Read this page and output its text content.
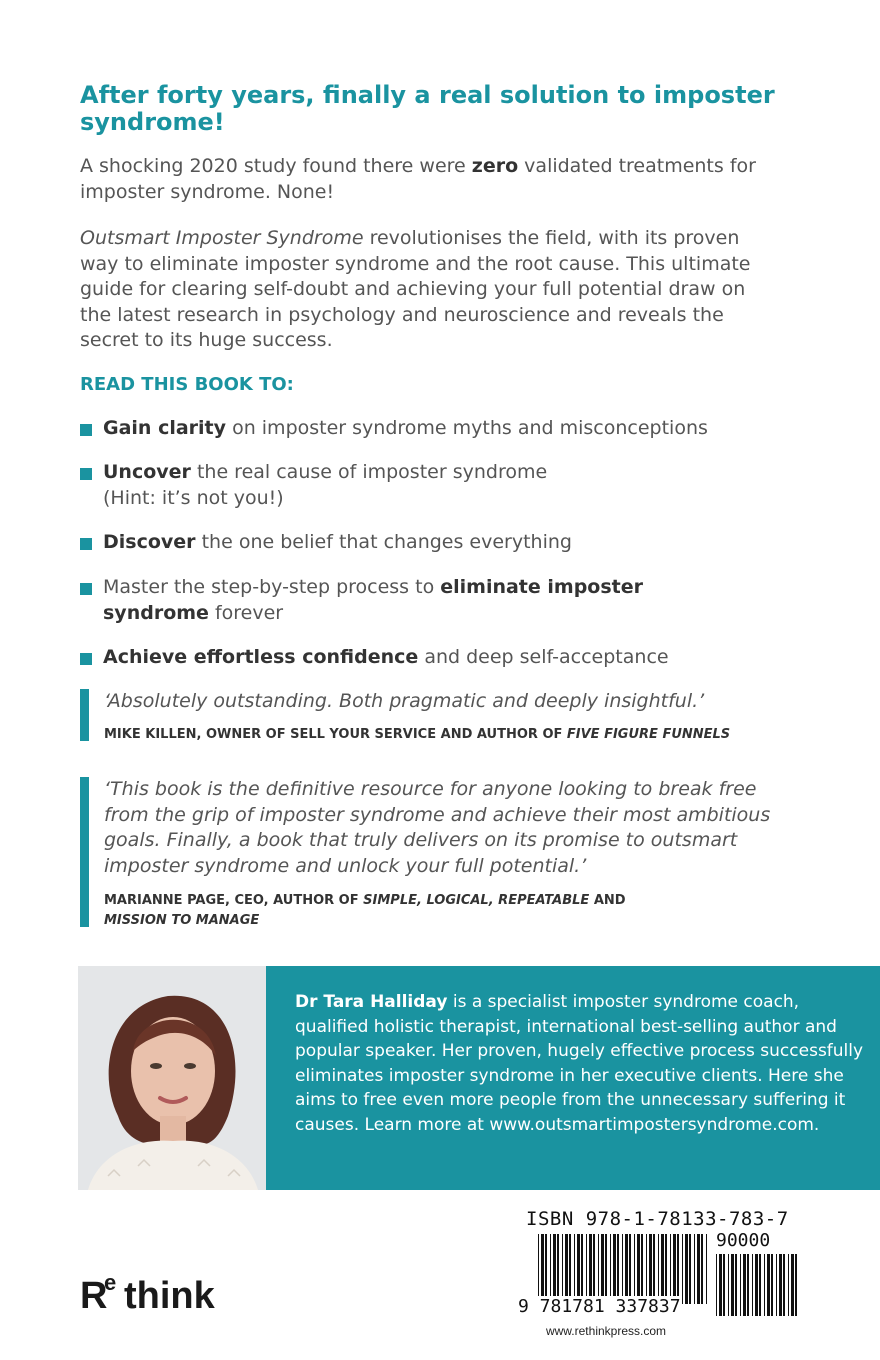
After forty years, finally a real solution to imposter syndrome!

A shocking 2020 study found there were zero validated treatments for imposter syndrome. None!

Outsmart Imposter Syndrome revolutionises the field, with its proven way to eliminate imposter syndrome and the root cause. This ultimate guide for clearing self-doubt and achieving your full potential draw on the latest research in psychology and neuroscience and reveals the secret to its huge success.

READ THIS BOOK TO:
Gain clarity on imposter syndrome myths and misconceptions
Uncover the real cause of imposter syndrome (Hint: it’s not you!)
Discover the one belief that changes everything
Master the step-by-step process to eliminate imposter syndrome forever
Achieve effortless confidence and deep self-acceptance

‘Absolutely outstanding. Both pragmatic and deeply insightful.’

MIKE KILLEN, OWNER OF SELL YOUR SERVICE AND AUTHOR OF FIVE FIGURE FUNNELS

‘This book is the definitive resource for anyone looking to break free from the grip of imposter syndrome and achieve their most ambitious goals. Finally, a book that truly delivers on its promise to outsmart imposter syndrome and unlock your full potential.’

MARIANNE PAGE, CEO, AUTHOR OF SIMPLE, LOGICAL, REPEATABLE AND
MISSION TO MANAGE

Dr Tara Halliday is a specialist imposter syndrome coach, qualified holistic therapist, international best-selling author and popular speaker. Her proven, hugely effective process successfully eliminates imposter syndrome in her executive clients. Here she aims to free even more people from the unnecessary suffering it causes. Learn more at www.outsmartimpostersyndrome.com.

R
e think

ISBN 978-1-78133-783-7

90000

9 781781 337837

www.rethinkpress.com
